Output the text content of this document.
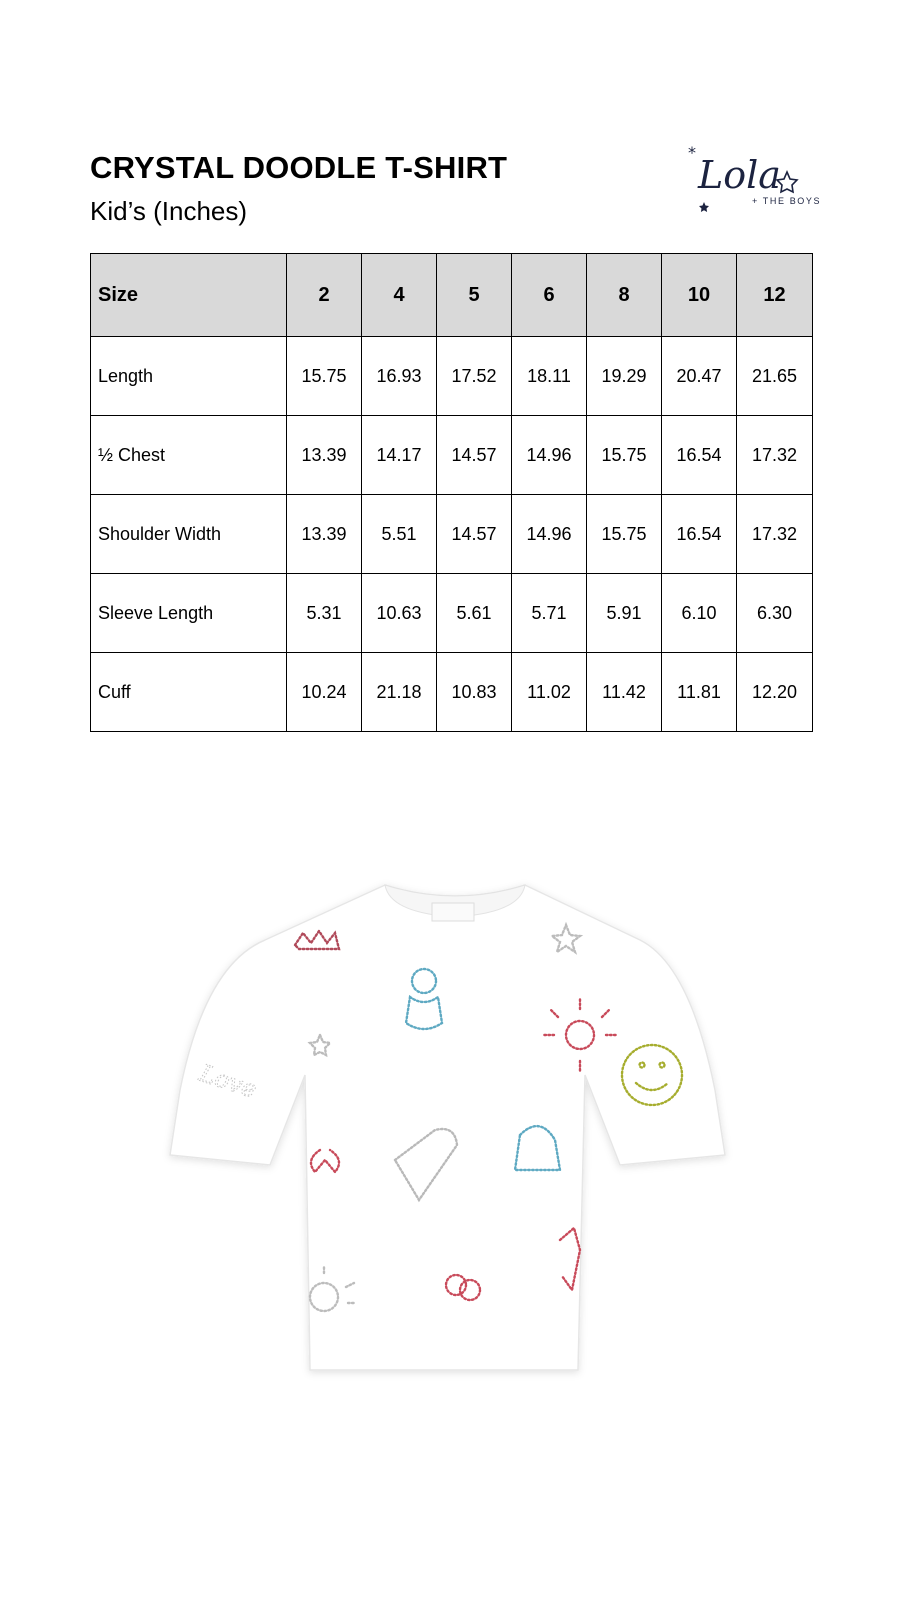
CRYSTAL DOODLE T-SHIRT
Kid’s (Inches)
*
Lola
+ THE BOYS
Size	2	4	5	6	8	10	12
Length	15.75	16.93	17.52	18.11	19.29	20.47	21.65
½ Chest	13.39	14.17	14.57	14.96	15.75	16.54	17.32
Shoulder Width	13.39	5.51	14.57	14.96	15.75	16.54	17.32
Sleeve Length	5.31	10.63	5.61	5.71	5.91	6.10	6.30
Cuff	10.24	21.18	10.83	11.02	11.42	11.81	12.20
Love
